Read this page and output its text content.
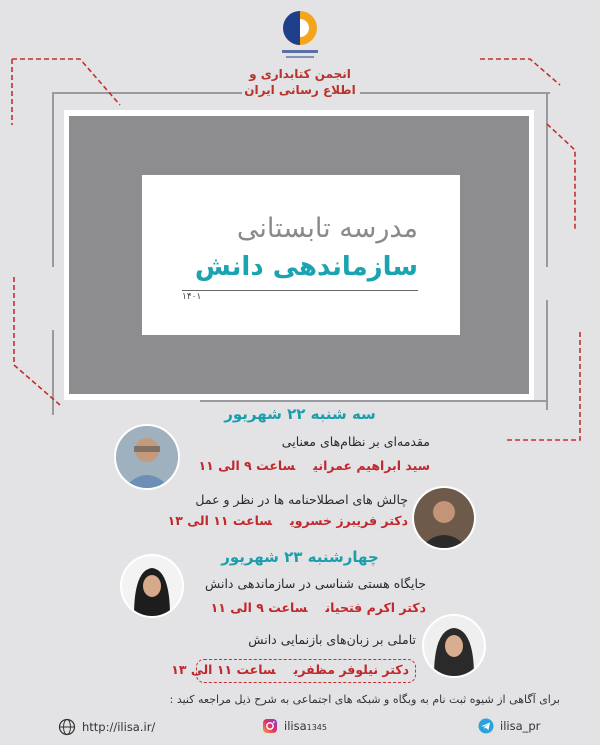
انجمن کتابداری و
اطلاع رسانی ایران
مدرسه تابستانی
سازماندهی دانش
۱۴۰۱
سه شنبه ۲۲ شهریور
مقدمه‌ای بر نظام‌های معنایی
سید ابراهیم عمرانیساعت ۹ الی ۱۱
چالش های اصطلاحنامه ها در نظر و عمل
دکتر فریبرز خسرویساعت ۱۱ الی ۱۳
چهارشنبه ۲۳ شهریور
جایگاه هستی شناسی در سازماندهی دانش
دکتر اکرم فتحیانساعت ۹ الی ۱۱
تاملی بر زبان‌های بازنمایی دانش
دکتر نیلوفر مظفریساعت ۱۱ الی ۱۳
برای آگاهی از شیوه ثبت نام به وبگاه و شبکه های اجتماعی به شرح ذیل مراجعه کنید :
http://ilisa.ir/	ilisa1345	ilisa_pr
